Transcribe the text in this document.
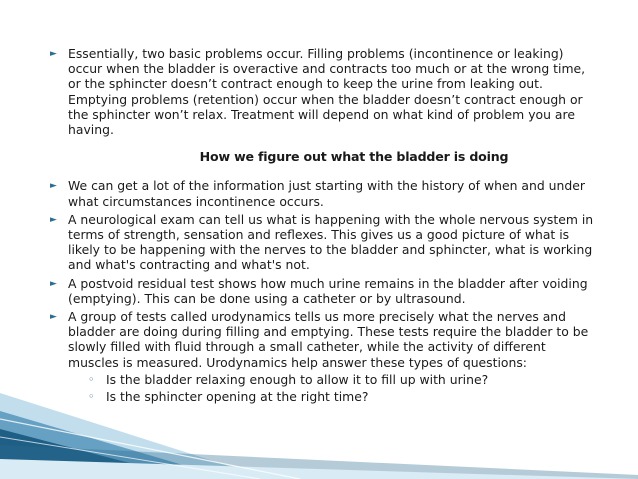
► Essentially, two basic problems occur. Filling problems (incontinence or leaking) occur when the bladder is overactive and contracts too much or at the wrong time, or the sphincter doesn’t contract enough to keep the urine from leaking out. Emptying problems (retention) occur when the bladder doesn’t contract enough or the sphincter won’t relax. Treatment will depend on what kind of problem you are having.
How we figure out what the bladder is doing
► We can get a lot of the information just starting with the history of when and under what circumstances incontinence occurs.
► A neurological exam can tell us what is happening with the whole nervous system in terms of strength, sensation and reflexes. This gives us a good picture of what is likely to be happening with the nerves to the bladder and sphincter, what is working and what's contracting and what's not.
► A postvoid residual test shows how much urine remains in the bladder after voiding (emptying). This can be done using a catheter or by ultrasound.
► A group of tests called urodynamics tells us more precisely what the nerves and bladder are doing during filling and emptying. These tests require the bladder to be slowly filled with fluid through a small catheter, while the activity of different muscles is measured. Urodynamics help answer these types of questions:
◦ Is the bladder relaxing enough to allow it to fill up with urine?
◦ Is the sphincter opening at the right time?
